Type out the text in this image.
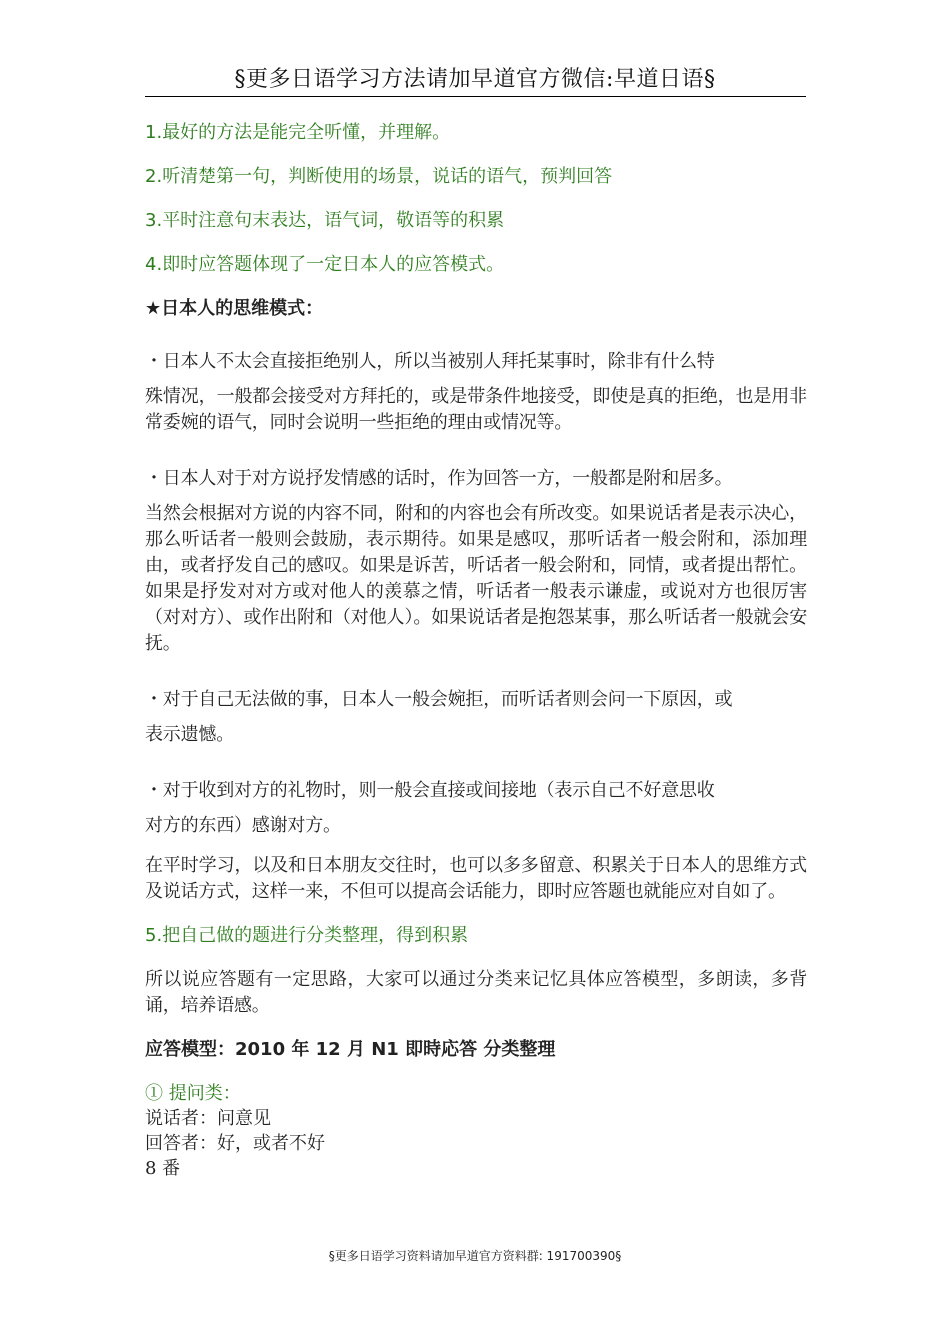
§更多日语学习方法请加早道官方微信:早道日语§
1.最好的方法是能完全听懂，并理解。
2.听清楚第一句，判断使用的场景，说话的语气，预判回答
3.平时注意句末表达，语气词，敬语等的积累
4.即时应答题体现了一定日本人的应答模式。
★日本人的思维模式：
・日本人不太会直接拒绝别人，所以当被别人拜托某事时，除非有什么特
殊情况，一般都会接受对方拜托的，或是带条件地接受，即使是真的拒绝，也是用非常委婉的语气，同时会说明一些拒绝的理由或情况等。
・日本人对于对方说抒发情感的话时，作为回答一方，一般都是附和居多。
当然会根据对方说的内容不同，附和的内容也会有所改变。如果说话者是表示决心，那么听话者一般则会鼓励，表示期待。如果是感叹，那听话者一般会附和，添加理由，或者抒发自己的感叹。如果是诉苦，听话者一般会附和，同情，或者提出帮忙。如果是抒发对对方或对他人的羡慕之情，听话者一般表示谦虚，或说对方也很厉害（对对方）、或作出附和（对他人）。如果说话者是抱怨某事，那么听话者一般就会安抚。
・对于自己无法做的事，日本人一般会婉拒，而听话者则会问一下原因，或
表示遗憾。
・对于收到对方的礼物时，则一般会直接或间接地（表示自己不好意思收
对方的东西）感谢对方。
在平时学习，以及和日本朋友交往时，也可以多多留意、积累关于日本人的思维方式及说话方式，这样一来，不但可以提高会话能力，即时应答题也就能应对自如了。
5.把自己做的题进行分类整理，得到积累
所以说应答题有一定思路，大家可以通过分类来记忆具体应答模型，多朗读，多背诵，培养语感。
应答模型：2010 年 12 月 N1 即時応答 分类整理
① 提问类：
说话者：问意见
回答者：好，或者不好
8 番
§更多日语学习资料请加早道官方资料群: 191700390§
